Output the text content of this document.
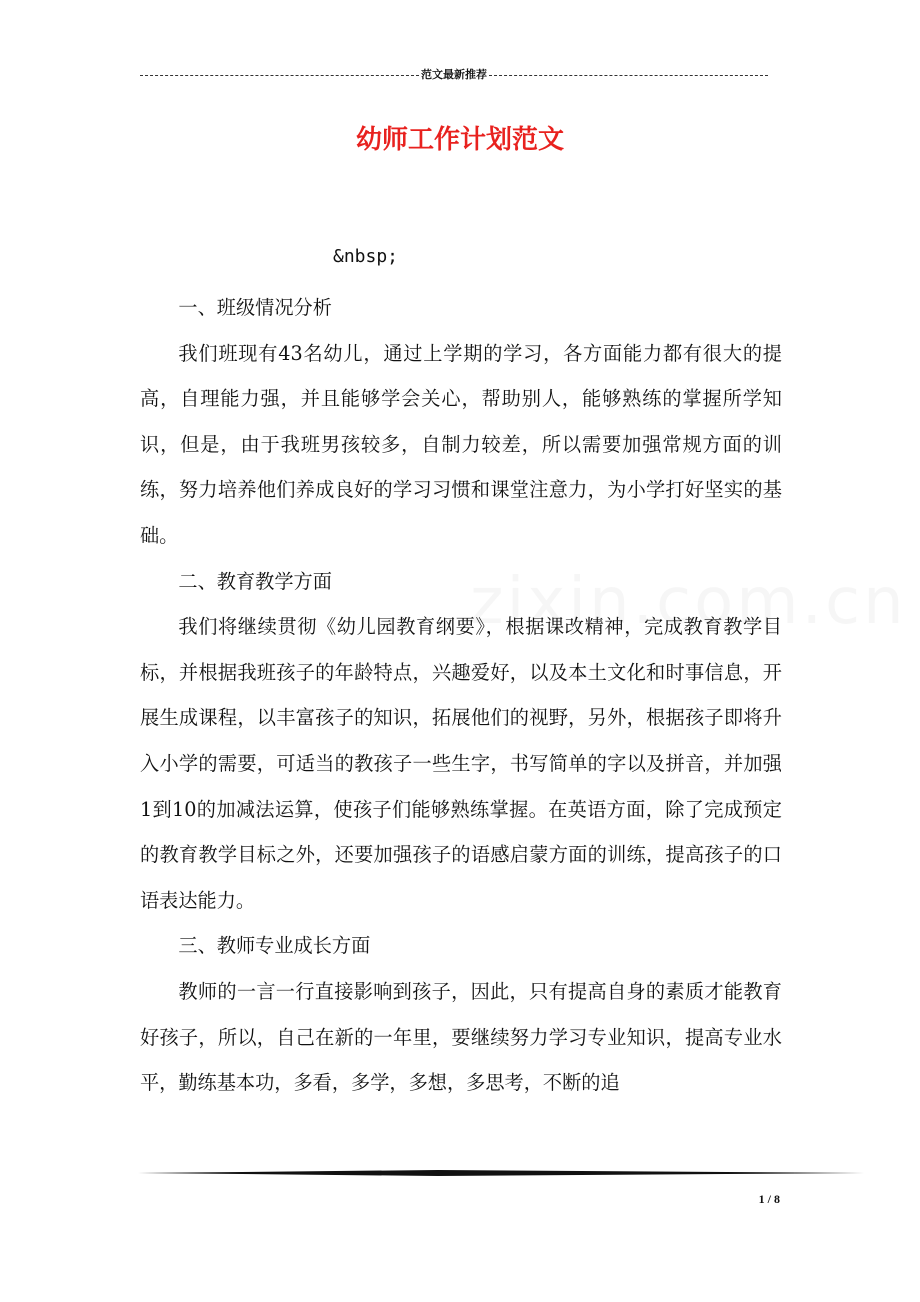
范文最新推荐
幼师工作计划范文
&nbsp;

一、班级情况分析

我们班现有43名幼儿，通过上学期的学习，各方面能力都有很大的提高，自理能力强，并且能够学会关心，帮助别人，能够熟练的掌握所学知识，但是，由于我班男孩较多，自制力较差，所以需要加强常规方面的训练，努力培养他们养成良好的学习习惯和课堂注意力，为小学打好坚实的基础。

二、教育教学方面

我们将继续贯彻《幼儿园教育纲要》，根据课改精神，完成教育教学目标，并根据我班孩子的年龄特点，兴趣爱好，以及本土文化和时事信息，开展生成课程，以丰富孩子的知识，拓展他们的视野，另外，根据孩子即将升入小学的需要，可适当的教孩子一些生字，书写简单的字以及拼音，并加强1到10的加减法运算，使孩子们能够熟练掌握。在英语方面，除了完成预定的教育教学目标之外，还要加强孩子的语感启蒙方面的训练，提高孩子的口语表达能力。

三、教师专业成长方面

教师的一言一行直接影响到孩子，因此，只有提高自身的素质才能教育好孩子，所以，自己在新的一年里，要继续努力学习专业知识，提高专业水平，勤练基本功，多看，多学，多想，多思考，不断的追

1 / 8
